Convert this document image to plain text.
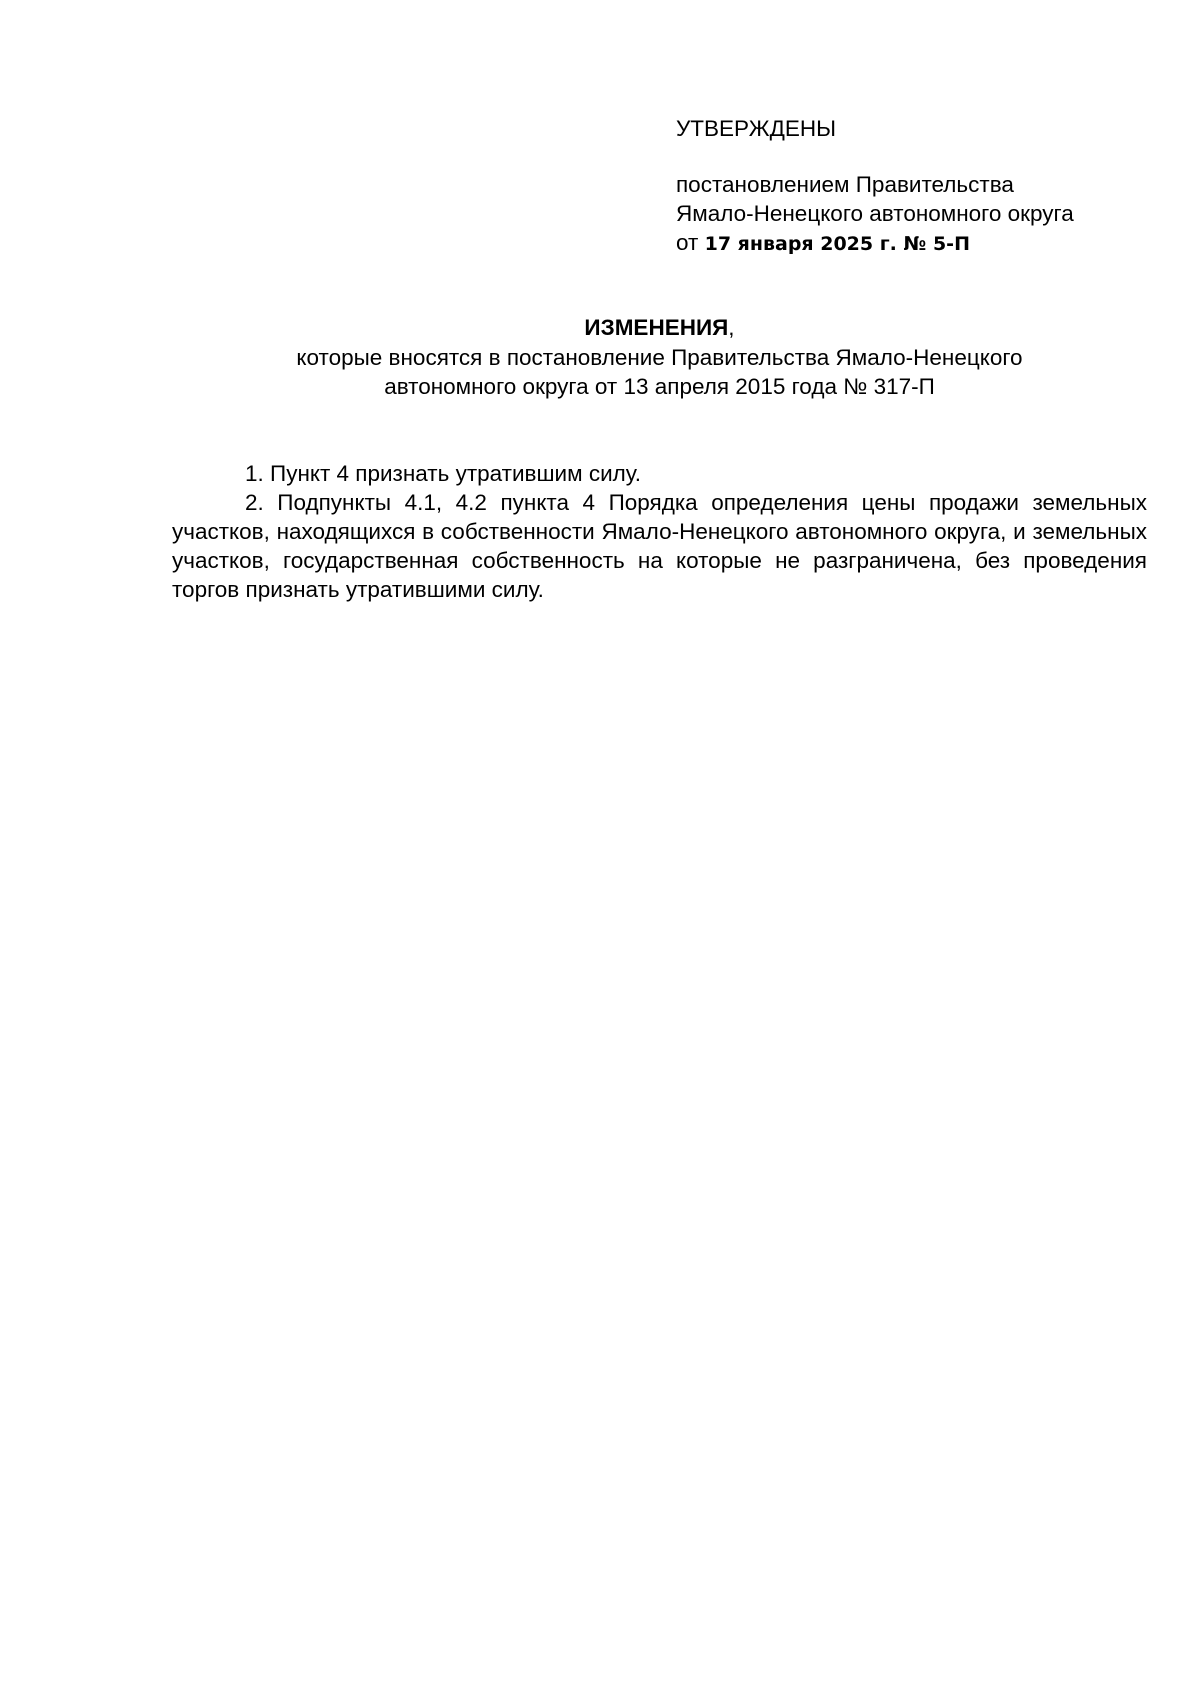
УТВЕРЖДЕНЫ
постановлением Правительства
Ямало-Ненецкого автономного округа
от 17 января 2025 г. № 5-П
ИЗМЕНЕНИЯ,
которые вносятся в постановление Правительства Ямало-Ненецкого
автономного округа от 13 апреля 2015 года № 317-П

1. Пункт 4 признать утратившим силу.

2. Подпункты 4.1, 4.2 пункта 4 Порядка определения цены продажи земельных участков, находящихся в собственности Ямало-Ненецкого автономного округа, и земельных участков, государственная собственность на которые не разграничена, без проведения торгов признать утратившими силу.
